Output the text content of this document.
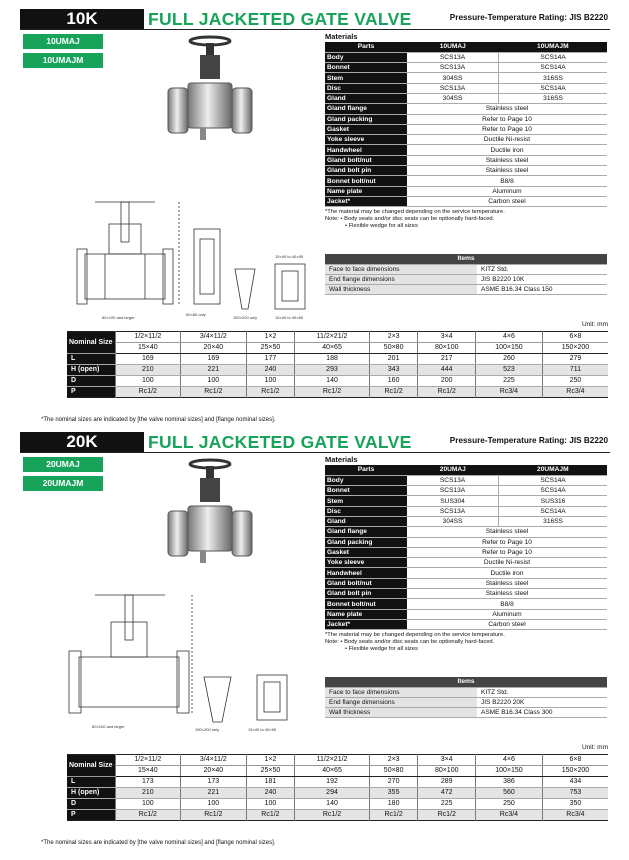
10K	FULL JACKETED GATE VALVE	Pressure-Temperature Rating: JIS B2220
10UMAJ
10UMAJM
80×100 and larger
50×80 only
150×200 only
15×40 to 40×65
15×40 to 40×65
Materials
Parts	10UMAJ	10UMAJM
Body	SCS13A	SCS14A
Bonnet	SCS13A	SCS14A
Stem	304SS	316SS
Disc	SCS13A	SCS14A
Gland	304SS	316SS
Gland flange	Stainless steel	
Gland packing	Refer to Page 10	
Gasket	Refer to Page 10	
Yoke sleeve	Ductile Ni-resist	
Handwheel	Ductile iron	
Gland bolt/nut	Stainless steel	
Gland bolt pin	Stainless steel	
Bonnet bolt/nut	B8/8	
Name plate	Aluminum	
Jacket*	Carbon steel	
*The material may be changed depending on the service temperature.
Note: • Body seats and/or disc seats can be optionally hard-faced.
• Flexible wedge for all sizes
Items	
Face to face dimensions	KITZ Std.
End flange dimensions	JIS B2220 10K
Wall thickness	ASME B16.34 Class 150
Unit: mm
Nominal Size	1/2×11/2	3/4×11/2	1×2	11/2×21/2	2×3	3×4	4×6	6×8
	15×40	20×40	25×50	40×65	50×80	80×100	100×150	150×200
L	169	169	177	188	201	217	260	279
H (open)	210	221	240	293	343	444	523	711
D	100	100	100	140	160	200	225	250
P	Rc1/2	Rc1/2	Rc1/2	Rc1/2	Rc1/2	Rc1/2	Rc3/4	Rc3/4
*The nominal sizes are indicated by [the valve nominal sizes] and [flange nominal sizes].
20K	FULL JACKETED GATE VALVE	Pressure-Temperature Rating: JIS B2220
20UMAJ
20UMAJM
80×100 and larger
150×200 only	15×40 to 40×65
Materials
Parts	20UMAJ	20UMAJM
Body	SCS13A	SCS14A
Bonnet	SCS13A	SCS14A
Stem	SUS304	SUS316
Disc	SCS13A	SCS14A
Gland	304SS	316SS
Gland flange	Stainless steel	
Gland packing	Refer to Page 10	
Gasket	Refer to Page 10	
Yoke sleeve	Ductile Ni-resist	
Handwheel	Ductile iron	
Gland bolt/nut	Stainless steel	
Gland bolt pin	Stainless steel	
Bonnet bolt/nut	B8/8	
Name plate	Aluminum	
Jacket*	Carbon steel	
*The material may be changed depending on the service temperature.
Note: • Body seats and/or disc seats can be optionally hard-faced.
• Flexible wedge for all sizes
Items	
Face to face dimensions	KITZ Std.
End flange dimensions	JIS B2220 20K
Wall thickness	ASME B16.34 Class 300
Unit: mm
Nominal Size	1/2×11/2	3/4×11/2	1×2	11/2×21/2	2×3	3×4	4×6	6×8
	15×40	20×40	25×50	40×65	50×80	80×100	100×150	150×200
L	173	173	181	192	270	289	386	434
H (open)	210	221	240	294	355	472	560	753
D	100	100	100	140	180	225	250	350
P	Rc1/2	Rc1/2	Rc1/2	Rc1/2	Rc1/2	Rc1/2	Rc3/4	Rc3/4
*The nominal sizes are indicated by [the valve nominal sizes] and [flange nominal sizes].
